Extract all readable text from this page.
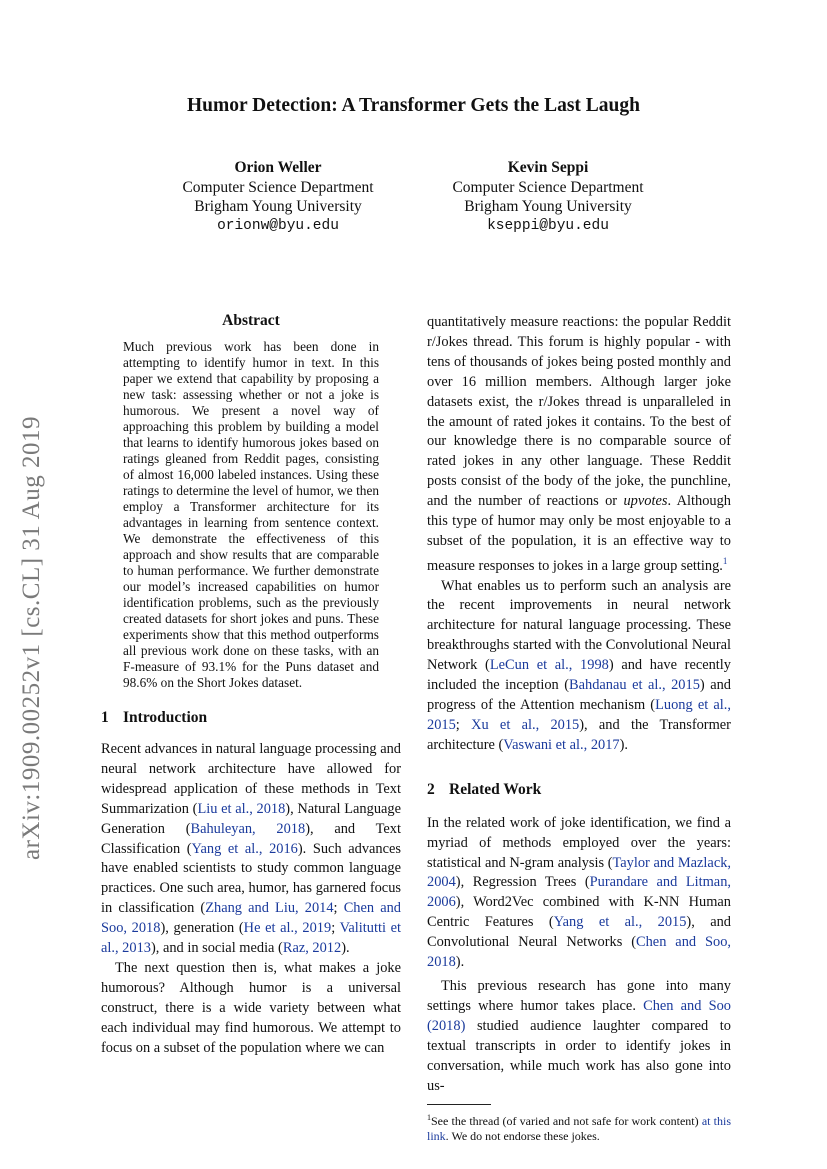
arXiv:1909.00252v1 [cs.CL] 31 Aug 2019
Humor Detection: A Transformer Gets the Last Laugh
Orion Weller
Computer Science Department
Brigham Young University
orionw@byu.edu
Kevin Seppi
Computer Science Department
Brigham Young University
kseppi@byu.edu
Abstract
Much previous work has been done in attempting to identify humor in text. In this paper we extend that capability by proposing a new task: assessing whether or not a joke is humorous. We present a novel way of approaching this problem by building a model that learns to identify humorous jokes based on ratings gleaned from Reddit pages, consisting of almost 16,000 labeled instances. Using these ratings to determine the level of humor, we then employ a Transformer architecture for its advantages in learning from sentence context. We demonstrate the effectiveness of this approach and show results that are comparable to human performance. We further demonstrate our model’s increased capabilities on humor identification problems, such as the previously created datasets for short jokes and puns. These experiments show that this method outperforms all previous work done on these tasks, with an F-measure of 93.1% for the Puns dataset and 98.6% on the Short Jokes dataset.
1 Introduction

Recent advances in natural language processing and neural network architecture have allowed for widespread application of these methods in Text Summarization (Liu et al., 2018), Natural Language Generation (Bahuleyan, 2018), and Text Classification (Yang et al., 2016). Such advances have enabled scientists to study common language practices. One such area, humor, has garnered focus in classification (Zhang and Liu, 2014; Chen and Soo, 2018), generation (He et al., 2019; Valitutti et al., 2013), and in social media (Raz, 2012).

The next question then is, what makes a joke humorous? Although humor is a universal construct, there is a wide variety between what each individual may find humorous. We attempt to focus on a subset of the population where we can

quantitatively measure reactions: the popular Reddit r/Jokes thread. This forum is highly popular - with tens of thousands of jokes being posted monthly and over 16 million members. Although larger joke datasets exist, the r/Jokes thread is unparalleled in the amount of rated jokes it contains. To the best of our knowledge there is no comparable source of rated jokes in any other language. These Reddit posts consist of the body of the joke, the punchline, and the number of reactions or upvotes. Although this type of humor may only be most enjoyable to a subset of the population, it is an effective way to measure responses to jokes in a large group setting.$^1$

What enables us to perform such an analysis are the recent improvements in neural network architecture for natural language processing. These breakthroughs started with the Convolutional Neural Network (LeCun et al., 1998) and have recently included the inception (Bahdanau et al., 2015) and progress of the Attention mechanism (Luong et al., 2015; Xu et al., 2015), and the Transformer architecture (Vaswani et al., 2017).

2 Related Work

In the related work of joke identification, we find a myriad of methods employed over the years: statistical and N-gram analysis (Taylor and Mazlack, 2004), Regression Trees (Purandare and Litman, 2006), Word2Vec combined with K-NN Human Centric Features (Yang et al., 2015), and Convolutional Neural Networks (Chen and Soo, 2018).

This previous research has gone into many settings where humor takes place. Chen and Soo (2018) studied audience laughter compared to textual transcripts in order to identify jokes in conversation, while much work has also gone into us-

$^1$See the thread (of varied and not safe for work content) at this link. We do not endorse these jokes.
